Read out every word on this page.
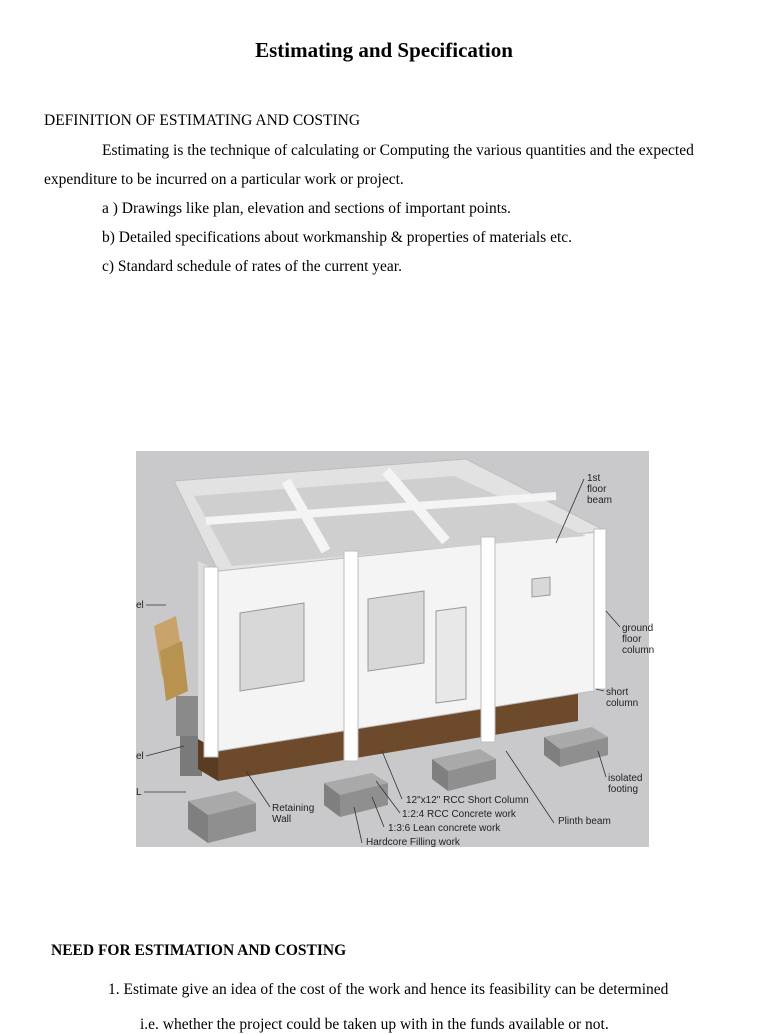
Estimating and Specification
DEFINITION OF ESTIMATING AND COSTING
Estimating is the technique of calculating or Computing the various quantities and the expected
expenditure to be incurred on a particular work or project.
a ) Drawings like plan, elevation and sections of important points.
b) Detailed specifications about workmanship & properties of materials etc.
c) Standard schedule of rates of the current year.
1st
floor
beam
ground
floor
column
short
column
isolated
footing
Retaining
Wall
12"x12" RCC Short Column
1:2:4 RCC Concrete work
1:3:6 Lean concrete work
Hardcore Filling work
Plinth beam
el
el
L
NEED FOR ESTIMATION AND COSTING
1. Estimate give an idea of the cost of the work and hence its feasibility can be determined
i.e. whether the project could be taken up with in the funds available or not.
